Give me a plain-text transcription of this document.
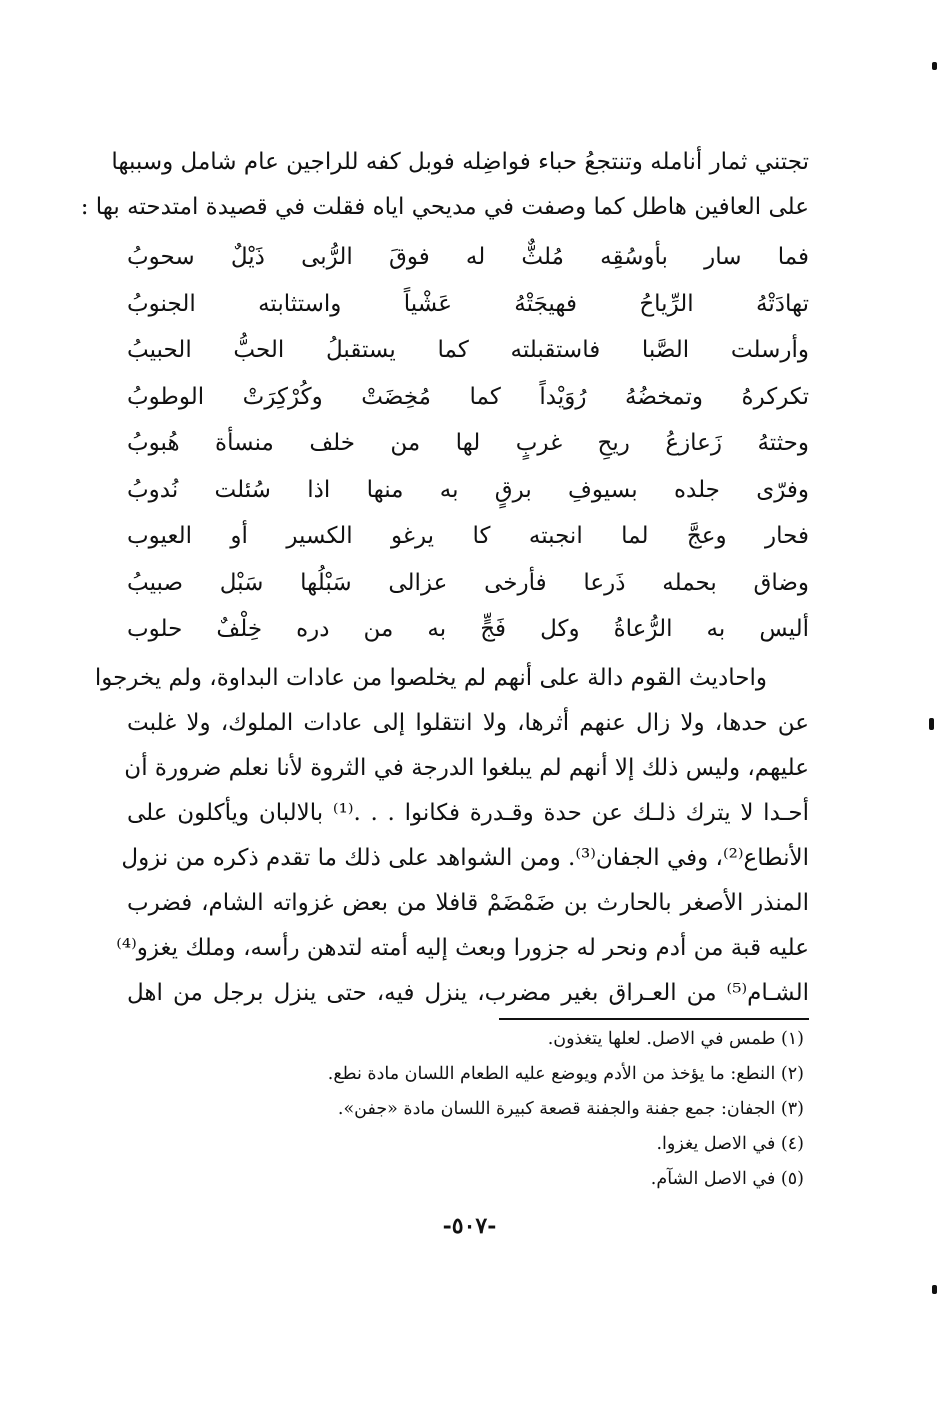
تجتني ثمار أنامله وتنتجعُ حباء فواضِله فوبل كفه للراجين عام شامل وسببها
على العافين هاطل كما وصفت في مديحي اياه فقلت في قصيدة امتدحته بها :
فما سار بأوسُقِه مُلثٌّ له فوقَ الرُّبى ذَيْلٌ سحوبُ
تهادَتْهُ الرِّياحُ فهيجَتْهُ عَشْياً واستثابته الجنوبُ
وأرسلت الصَّبا فاستقبلته كما يستقبلُ الحبُّ الحبيبُ
تكركرهُ وتمخضُهُ رُوَيْداً كما مُخِضَتْ وكُرْكِرَتْ الوطوبُ
وحثتهُ زَعازعُ ريحِ غربٍ لها من خلف منسأة هُبوبُ
وفرّى جلده بسيوفِ برقٍ به منها اذا سُئلت نُدوبُ
فحار وعجَّ لما انجبته كا يرغو الكسير أو العيوب
وضاق بحمله ذَرعا فأرخى عزالى سَبْلُها سَبْل صبيبُ
أليس به الرُّعاةُ وكل فَجٍّ به من دره خِلْفٌ حلوب
واحاديث القوم دالة على أنهم لم يخلصوا من عادات البداوة، ولم يخرجوا
عن حدها، ولا زال عنهم أثرها، ولا انتقلوا إلى عادات الملوك، ولا غلبت
عليهم، وليس ذلك إلا أنهم لم يبلغوا الدرجة في الثروة لأنا نعلم ضرورة أن
أحـدا لا يترك ذلـك عن حدة وقـدرة فكانوا . . .⁽¹⁾ بالالبان ويأكلون على
الأنطاع⁽²⁾، وفي الجفان⁽³⁾. ومن الشواهد على ذلك ما تقدم ذكره من نزول
المنذر الأصغر بالحارث بن ضَمْضَمْ قافلا من بعض غزواته الشام، فضرب
عليه قبة من أدم ونحر له جزورا وبعث إليه أمته لتدهن رأسه، وملك يغزو⁽⁴⁾
الشـام⁽⁵⁾ من العـراق بغير مضرب، ينزل فيه، حتى ينزل برجل من اهل
(١) طمس في الاصل. لعلها يتغذون.
(٢) النطع: ما يؤخذ من الأدم ويوضع عليه الطعام اللسان مادة نطع.
(٣) الجفان: جمع جفنة والجفنة قصعة كبيرة اللسان مادة «جفن».
(٤) في الاصل يغزوا.
(٥) في الاصل الشآم.
-٥٠٧-
